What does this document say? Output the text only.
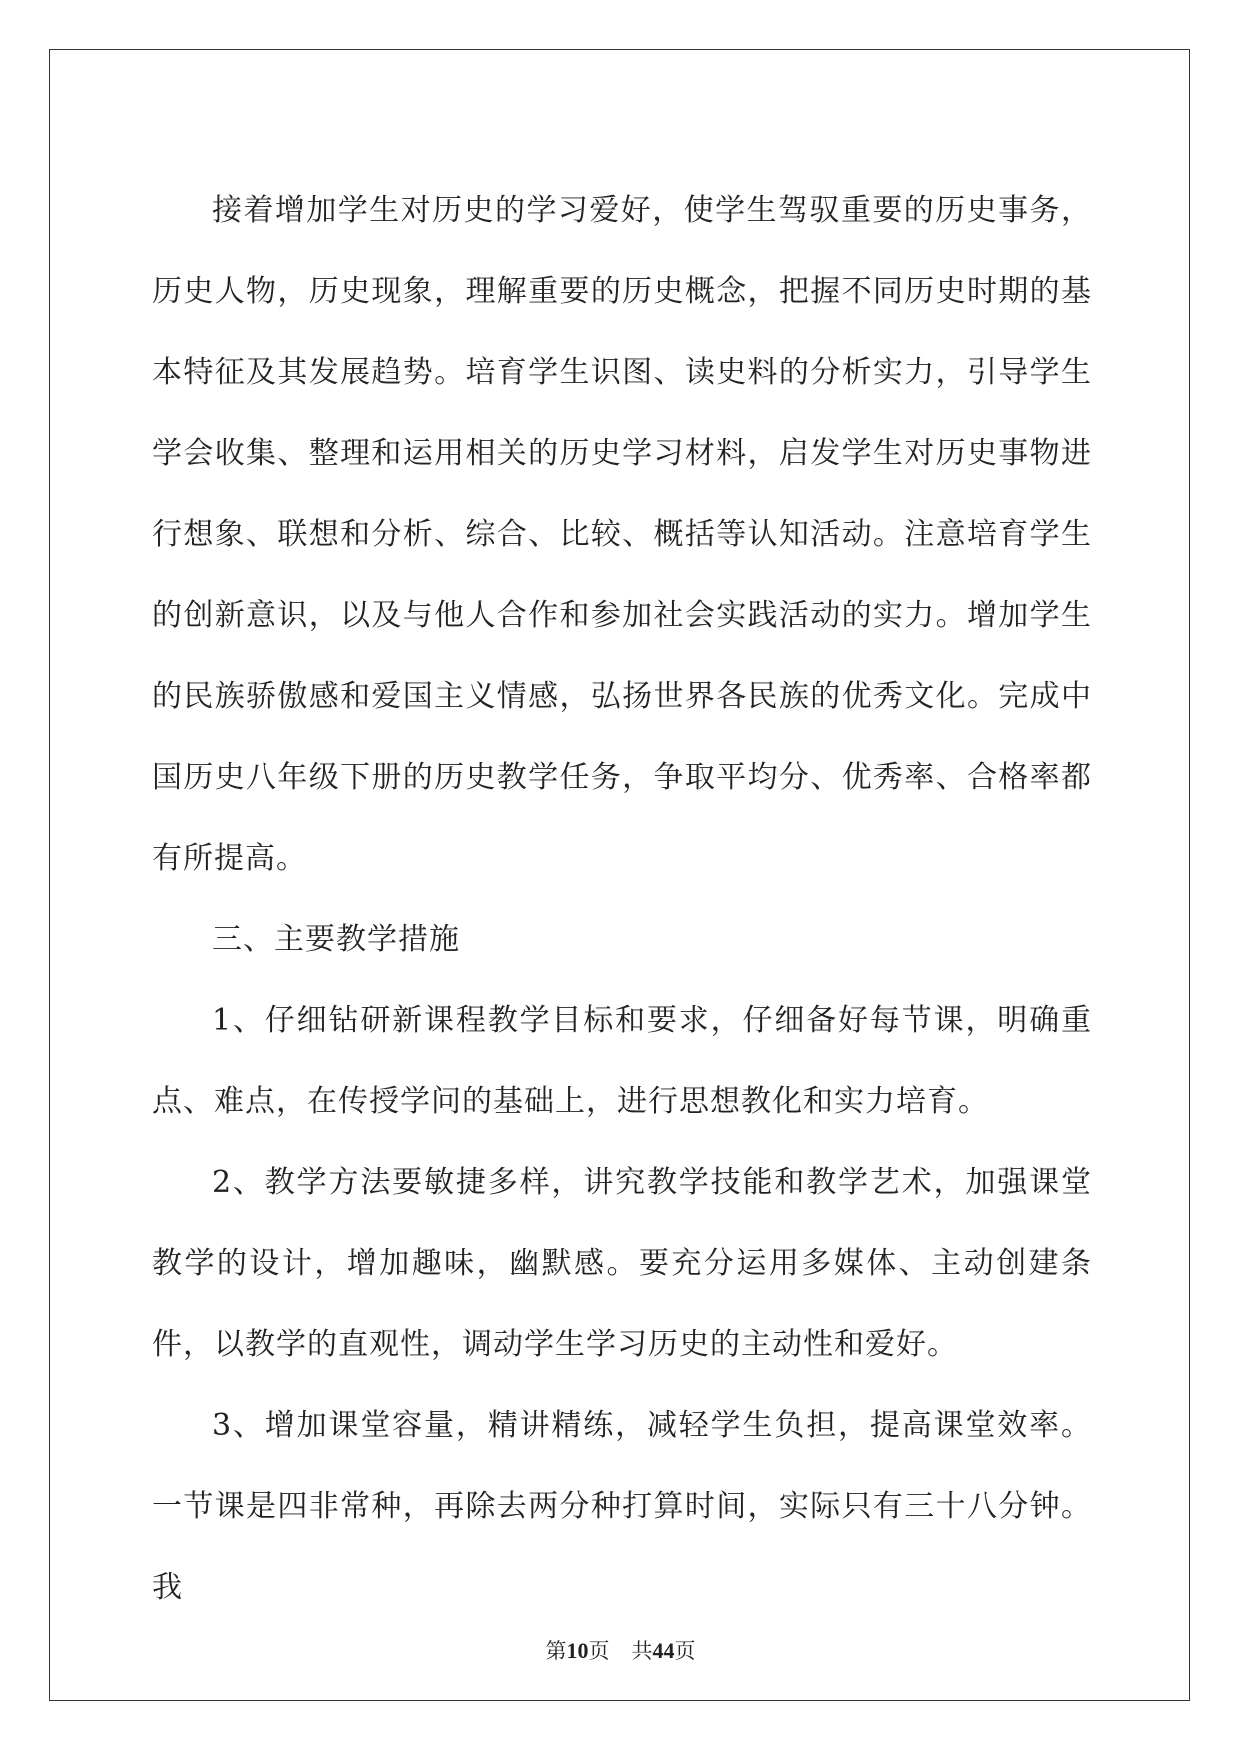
接着增加学生对历史的学习爱好，使学生驾驭重要的历史事务，历史人物，历史现象，理解重要的历史概念，把握不同历史时期的基本特征及其发展趋势。培育学生识图、读史料的分析实力，引导学生学会收集、整理和运用相关的历史学习材料，启发学生对历史事物进行想象、联想和分析、综合、比较、概括等认知活动。注意培育学生的创新意识，以及与他人合作和参加社会实践活动的实力。增加学生的民族骄傲感和爱国主义情感，弘扬世界各民族的优秀文化。完成中国历史八年级下册的历史教学任务，争取平均分、优秀率、合格率都有所提高。

三、主要教学措施

1、仔细钻研新课程教学目标和要求，仔细备好每节课，明确重点、难点，在传授学问的基础上，进行思想教化和实力培育。

2、教学方法要敏捷多样，讲究教学技能和教学艺术，加强课堂教学的设计，增加趣味，幽默感。要充分运用多媒体、主动创建条件，以教学的直观性，调动学生学习历史的主动性和爱好。

3、增加课堂容量，精讲精练，减轻学生负担，提高课堂效率。一节课是四非常种，再除去两分种打算时间，实际只有三十八分钟。我

第10页 共44页
